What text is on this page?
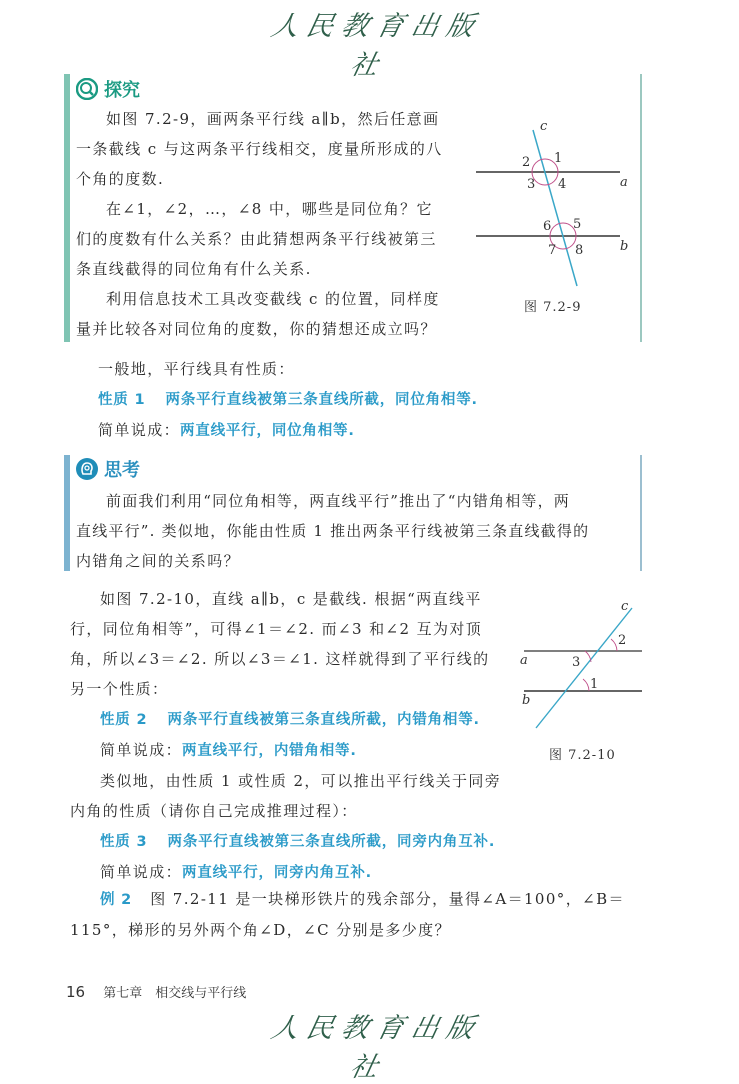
人民教育出版社
探究
如图 7.2-9，画两条平行线 a∥b，然后任意画
一条截线 c 与这两条平行线相交，度量所形成的八
个角的度数.
在∠1，∠2，…，∠8 中，哪些是同位角？它
们的度数有什么关系？由此猜想两条平行线被第三
条直线截得的同位角有什么关系.
利用信息技术工具改变截线 c 的位置，同样度
量并比较各对同位角的度数，你的猜想还成立吗？
c
a
b
1
2
3 4
5
6
7 8
图 7.2-9
一般地，平行线具有性质：
性质 1 两条平行直线被第三条直线所截，同位角相等.
简单说成：两直线平行，同位角相等.
思考
前面我们利用“同位角相等，两直线平行”推出了“内错角相等，两
直线平行”. 类似地，你能由性质 1 推出两条平行线被第三条直线截得的
内错角之间的关系吗？
如图 7.2-10，直线 a∥b，c 是截线. 根据“两直线平
行，同位角相等”，可得∠1＝∠2. 而∠3 和∠2 互为对顶
角，所以∠3＝∠2. 所以∠3＝∠1. 这样就得到了平行线的
另一个性质：
性质 2 两条平行直线被第三条直线所截，内错角相等.
简单说成：两直线平行，内错角相等.
类似地，由性质 1 或性质 2，可以推出平行线关于同旁
内角的性质（请你自己完成推理过程）：
性质 3 两条平行直线被第三条直线所截，同旁内角互补.
简单说成：两直线平行，同旁内角互补.
c
a
b
2
3
1
图 7.2-10
例 2 图 7.2-11 是一块梯形铁片的残余部分，量得∠A＝100°，∠B＝
115°，梯形的另外两个角∠D，∠C 分别是多少度？
16 第七章　相交线与平行线
人民教育出版社
